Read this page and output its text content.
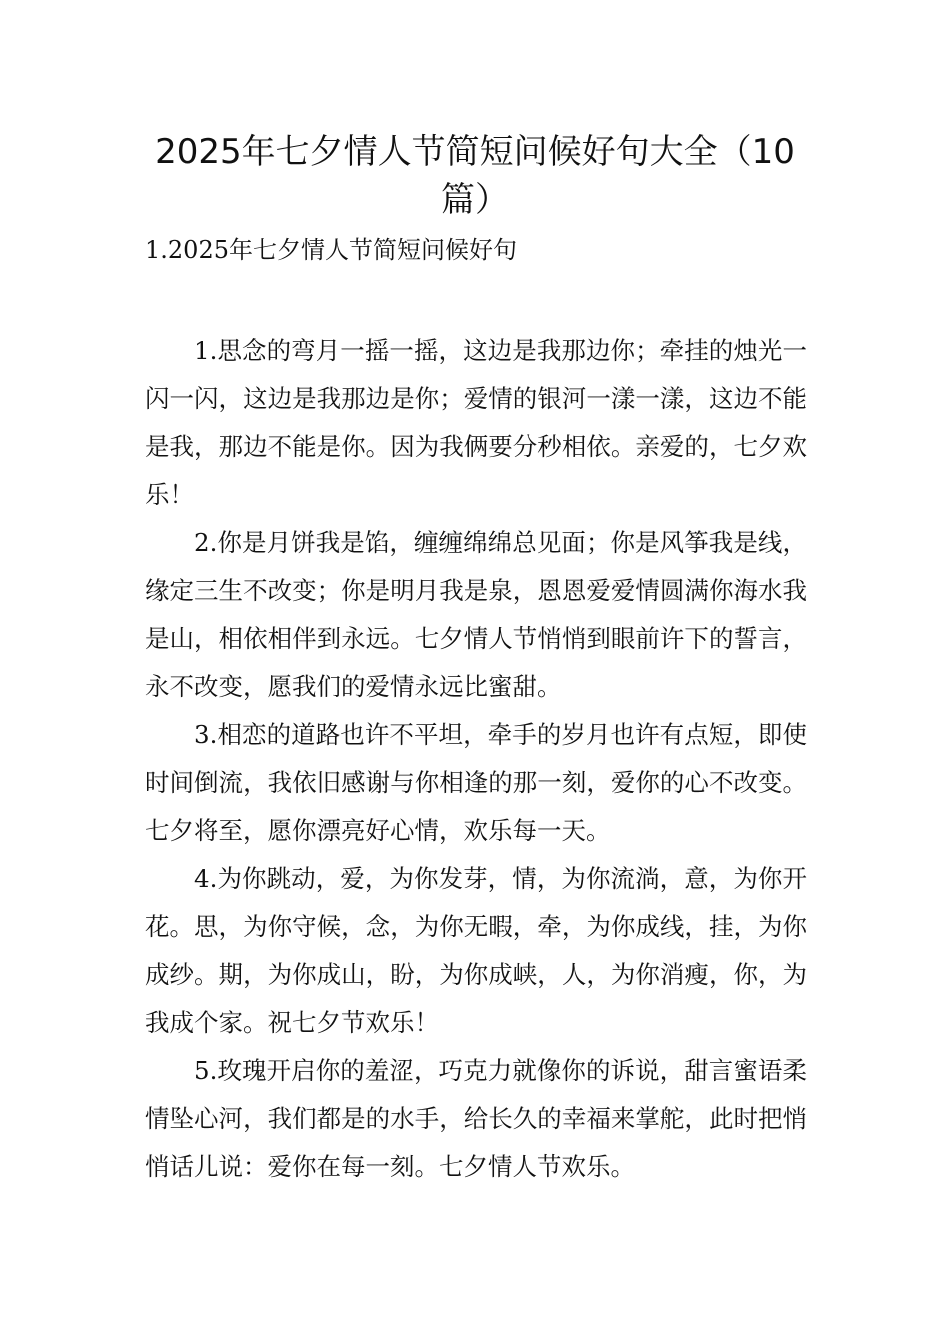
2025年七夕情人节简短问候好句大全（10篇）

1.2025年七夕情人节简短问候好句

1.思念的弯月一摇一摇，这边是我那边你；牵挂的烛光一闪一闪，这边是我那边是你；爱情的银河一漾一漾，这边不能是我，那边不能是你。因为我俩要分秒相依。亲爱的，七夕欢乐！

2.你是月饼我是馅，缠缠绵绵总见面；你是风筝我是线，缘定三生不改变；你是明月我是泉，恩恩爱爱情圆满你海水我是山，相依相伴到永远。七夕情人节悄悄到眼前许下的誓言，永不改变，愿我们的爱情永远比蜜甜。

3.相恋的道路也许不平坦，牵手的岁月也许有点短，即使时间倒流，我依旧感谢与你相逢的那一刻，爱你的心不改变。七夕将至，愿你漂亮好心情，欢乐每一天。

4.为你跳动，爱，为你发芽，情，为你流淌，意，为你开花。思，为你守候，念，为你无暇，牵，为你成线，挂，为你成纱。期，为你成山，盼，为你成峡，人，为你消瘦，你，为我成个家。祝七夕节欢乐！

5.玫瑰开启你的羞涩，巧克力就像你的诉说，甜言蜜语柔情坠心河，我们都是的水手，给长久的幸福来掌舵，此时把悄悄话儿说：爱你在每一刻。七夕情人节欢乐。
